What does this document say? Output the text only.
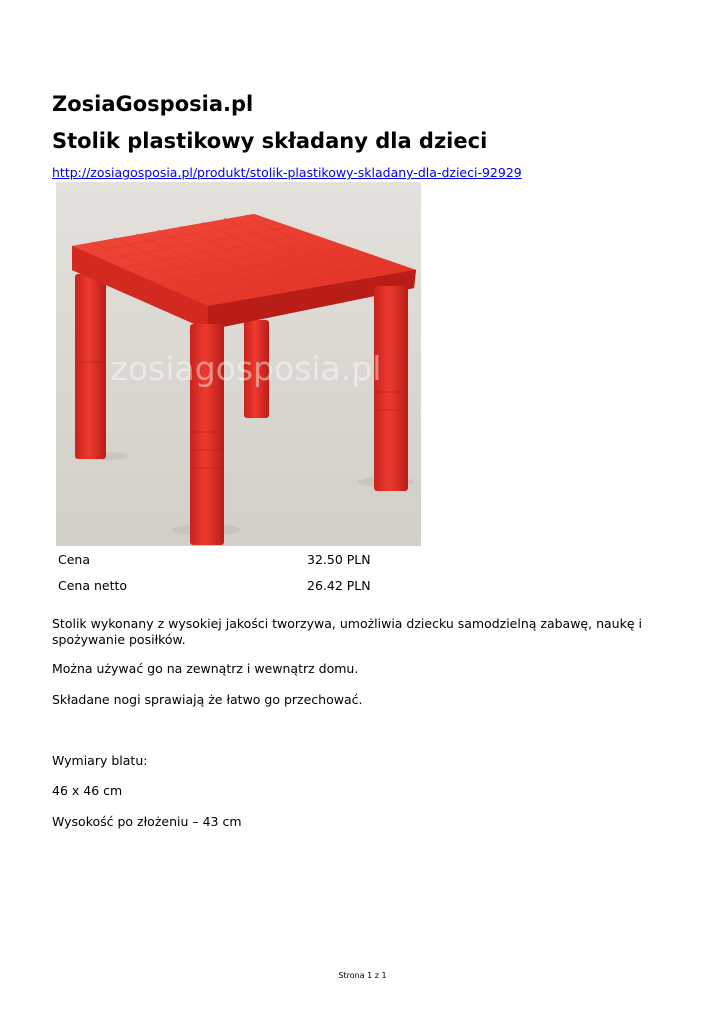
ZosiaGosposia.pl
Stolik plastikowy składany dla dzieci
http://zosiagosposia.pl/produkt/stolik-plastikowy-skladany-dla-dzieci-92929
zosiagosposia.pl
Cena	32.50 PLN
Cena netto	26.42 PLN

Stolik wykonany z wysokiej jakości tworzywa, umożliwia dziecku samodzielną zabawę, naukę i spożywanie posiłków.

Można używać go na zewnątrz i wewnątrz domu.

Składane nogi sprawiają że łatwo go przechować.

Wymiary blatu:

46 x 46 cm

Wysokość po złożeniu – 43 cm

Strona 1 z 1
